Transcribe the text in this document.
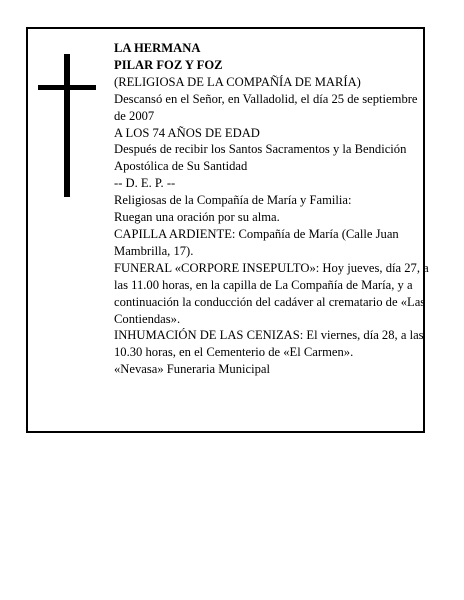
LA HERMANA
PILAR FOZ Y FOZ
(RELIGIOSA DE LA COMPAÑÍA DE MARÍA)
Descansó en el Señor, en Valladolid, el día 25 de septiembre de 2007
A LOS 74 AÑOS DE EDAD
Después de recibir los Santos Sacramentos y la Bendición Apostólica de Su Santidad
-- D. E. P. --
Religiosas de la Compañía de María y Familia:
Ruegan una oración por su alma.
CAPILLA ARDIENTE: Compañía de María (Calle Juan Mambrilla, 17).
FUNERAL «CORPORE INSEPULTO»: Hoy jueves, día 27, a las 11.00 horas, en la capilla de La Compañía de María, y a continuación la conducción del cadáver al crematario de «Las Contiendas».
INHUMACIÓN DE LAS CENIZAS: El viernes, día 28, a las 10.30 horas, en el Cementerio de «El Carmen».
«Nevasa» Funeraria Municipal
